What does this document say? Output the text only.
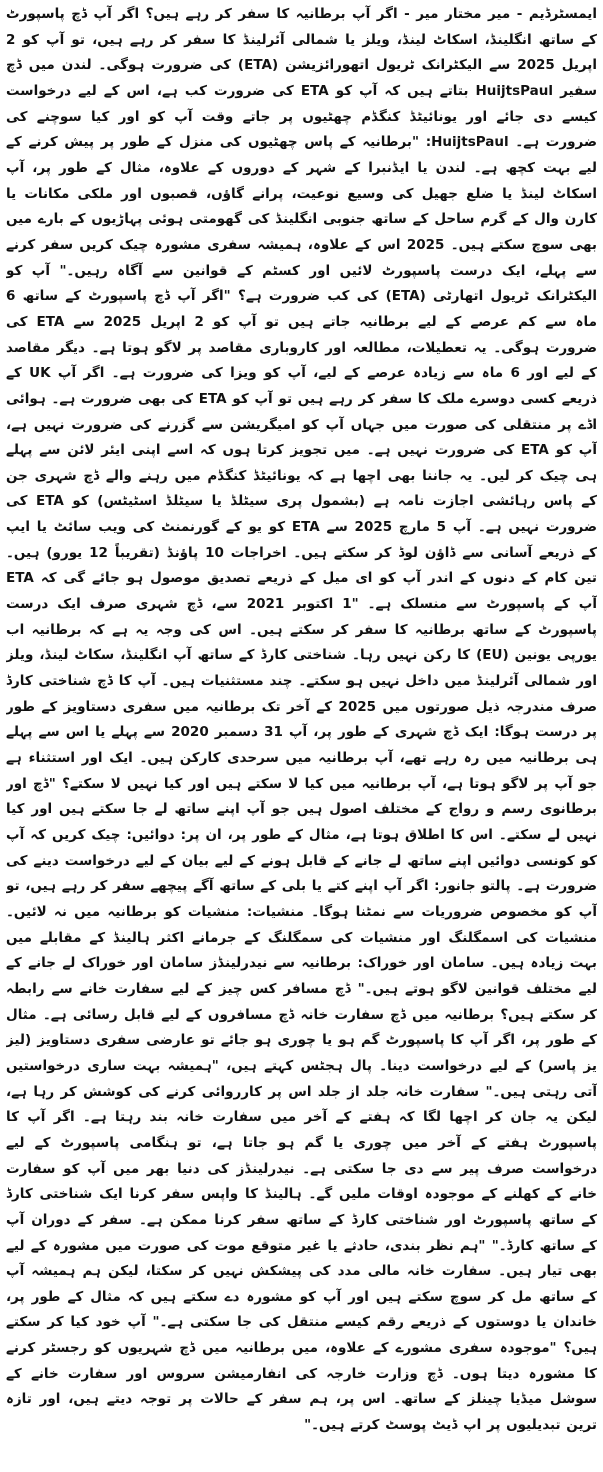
ایمسٹرڈیم - میر مختار میر - اگر آپ برطانیہ کا سفر کر رہے ہیں؟ اگر آپ ڈچ پاسپورٹ کے ساتھ انگلینڈ، اسکاٹ لینڈ، ویلز یا شمالی آئرلینڈ کا سفر کر رہے ہیں، تو آپ کو 2 اپریل 2025 سے الیکٹرانک ٹریول اتھورائزیشن (ETA) کی ضرورت ہوگی۔ لندن میں ڈچ سفیر HuijtsPaul بتاتے ہیں کہ آپ کو ETA کی ضرورت کب ہے، اس کے لیے درخواست کیسے دی جائے اور یونائیٹڈ کنگڈم چھٹیوں پر جاتے وقت آپ کو اور کیا سوچنے کی ضرورت ہے۔ HuijtsPaul: "برطانیہ کے پاس چھٹیوں کی منزل کے طور پر پیش کرنے کے لیے بہت کچھ ہے۔ لندن یا ایڈنبرا کے شہر کے دوروں کے علاوہ، مثال کے طور پر، آپ اسکاٹ لینڈ یا ضلع جھیل کی وسیع نوعیت، پرانے گاؤں، قصبوں اور ملکی مکانات یا کارن وال کے گرم ساحل کے ساتھ جنوبی انگلینڈ کی گھومتی ہوئی پہاڑیوں کے بارے میں بھی سوچ سکتے ہیں۔ 2025 اس کے علاوہ، ہمیشہ سفری مشورہ چیک کریں سفر کرنے سے پہلے، ایک درست پاسپورٹ لائیں اور کسٹم کے قوانین سے آگاہ رہیں۔" آپ کو الیکٹرانک ٹریول اتھارٹی (ETA) کی کب ضرورت ہے؟ "اگر آپ ڈچ پاسپورٹ کے ساتھ 6 ماہ سے کم عرصے کے لیے برطانیہ جاتے ہیں تو آپ کو 2 اپریل 2025 سے ETA کی ضرورت ہوگی۔ یہ تعطیلات، مطالعہ اور کاروباری مقاصد پر لاگو ہوتا ہے۔ دیگر مقاصد کے لیے اور 6 ماہ سے زیادہ عرصے کے لیے، آپ کو ویزا کی ضرورت ہے۔ اگر آپ UK کے ذریعے کسی دوسرے ملک کا سفر کر رہے ہیں تو آپ کو ETA کی بھی ضرورت ہے۔ ہوائی اڈے پر منتقلی کی صورت میں جہاں آپ کو امیگریشن سے گزرنے کی ضرورت نہیں ہے، آپ کو ETA کی ضرورت نہیں ہے۔ میں تجویز کرتا ہوں کہ اسے اپنی ایئر لائن سے پہلے ہی چیک کر لیں۔ یہ جاننا بھی اچھا ہے کہ یونائیٹڈ کنگڈم میں رہنے والے ڈچ شہری جن کے پاس رہائشی اجازت نامہ ہے (بشمول پری سیٹلڈ یا سیٹلڈ اسٹیٹس) کو ETA کی ضرورت نہیں ہے۔ آپ 5 مارچ 2025 سے ETA کو یو کے گورنمنٹ کی ویب سائٹ یا ایپ کے ذریعے آسانی سے ڈاؤن لوڈ کر سکتے ہیں۔ اخراجات 10 پاؤنڈ (تقریباً 12 یورو) ہیں۔ تین کام کے دنوں کے اندر آپ کو ای میل کے ذریعے تصدیق موصول ہو جائے گی کہ ETA آپ کے پاسپورٹ سے منسلک ہے۔ "1 اکتوبر 2021 سے، ڈچ شہری صرف ایک درست پاسپورٹ کے ساتھ برطانیہ کا سفر کر سکتے ہیں۔ اس کی وجہ یہ ہے کہ برطانیہ اب یورپی یونین (EU) کا رکن نہیں رہا۔ شناختی کارڈ کے ساتھ آپ انگلینڈ، سکاٹ لینڈ، ویلز اور شمالی آئرلینڈ میں داخل نہیں ہو سکتے۔ چند مستثنیات ہیں۔ آپ کا ڈچ شناختی کارڈ صرف مندرجہ ذیل صورتوں میں 2025 کے آخر تک برطانیہ میں سفری دستاویز کے طور پر درست ہوگا: ایک ڈچ شہری کے طور پر، آپ 31 دسمبر 2020 سے پہلے یا اس سے پہلے ہی برطانیہ میں رہ رہے تھے، آپ برطانیہ میں سرحدی کارکن ہیں۔ ایک اور استثناء ہے جو آپ پر لاگو ہوتا ہے، آپ برطانیہ میں کیا لا سکتے ہیں اور کیا نہیں لا سکتے؟ "ڈچ اور برطانوی رسم و رواج کے مختلف اصول ہیں جو آپ اپنے ساتھ لے جا سکتے ہیں اور کیا نہیں لے سکتے۔ اس کا اطلاق ہوتا ہے، مثال کے طور پر، ان پر: دوائیں: چیک کریں کہ آپ کو کونسی دوائیں اپنے ساتھ لے جانے کے قابل ہونے کے لیے بیان کے لیے درخواست دینے کی ضرورت ہے۔ پالتو جانور: اگر آپ اپنے کتے یا بلی کے ساتھ آگے پیچھے سفر کر رہے ہیں، تو آپ کو مخصوص ضروریات سے نمٹنا ہوگا۔ منشیات: منشیات کو برطانیہ میں نہ لائیں۔ منشیات کی اسمگلنگ اور منشیات کی سمگلنگ کے جرمانے اکثر ہالینڈ کے مقابلے میں بہت زیادہ ہیں۔ سامان اور خوراک: برطانیہ سے نیدرلینڈز سامان اور خوراک لے جانے کے لیے مختلف قوانین لاگو ہوتے ہیں۔" ڈچ مسافر کس چیز کے لیے سفارت خانے سے رابطہ کر سکتے ہیں؟ برطانیہ میں ڈچ سفارت خانہ ڈچ مسافروں کے لیے قابل رسائی ہے۔ مثال کے طور پر، اگر آپ کا پاسپورٹ گم ہو یا چوری ہو جائے تو عارضی سفری دستاویز (لیز یز پاسر) کے لیے درخواست دینا۔ پال ہجٹس کہتے ہیں، "ہمیشہ بہت ساری درخواستیں آتی رہتی ہیں۔" سفارت خانہ جلد از جلد اس پر کارروائی کرنے کی کوشش کر رہا ہے، لیکن یہ جان کر اچھا لگا کہ ہفتے کے آخر میں سفارت خانہ بند رہتا ہے۔ اگر آپ کا پاسپورٹ ہفتے کے آخر میں چوری یا گم ہو جاتا ہے، تو ہنگامی پاسپورٹ کے لیے درخواست صرف پیر سے دی جا سکتی ہے۔ نیدرلینڈز کی دنیا بھر میں آپ کو سفارت خانے کے کھلنے کے موجودہ اوقات ملیں گے۔ ہالینڈ کا واپس سفر کرنا ایک شناختی کارڈ کے ساتھ پاسپورٹ اور شناختی کارڈ کے ساتھ سفر کرنا ممکن ہے۔ سفر کے دوران آپ کے ساتھ کارڈ۔" "ہم نظر بندی، حادثے یا غیر متوقع موت کی صورت میں مشورہ کے لیے بھی تیار ہیں۔ سفارت خانہ مالی مدد کی پیشکش نہیں کر سکتا، لیکن ہم ہمیشہ آپ کے ساتھ مل کر سوچ سکتے ہیں اور آپ کو مشورہ دے سکتے ہیں کہ مثال کے طور پر، خاندان یا دوستوں کے ذریعے رقم کیسے منتقل کی جا سکتی ہے۔" آپ خود کیا کر سکتے ہیں؟ "موجودہ سفری مشورے کے علاوہ، میں برطانیہ میں ڈچ شہریوں کو رجسٹر کرنے کا مشورہ دیتا ہوں۔ ڈچ وزارت خارجہ کی انفارمیشن سروس اور سفارت خانے کے سوشل میڈیا چینلز کے ساتھ۔ اس پر، ہم سفر کے حالات پر توجہ دیتے ہیں، اور تازہ ترین تبدیلیوں پر اپ ڈیٹ پوسٹ کرتے ہیں۔"
